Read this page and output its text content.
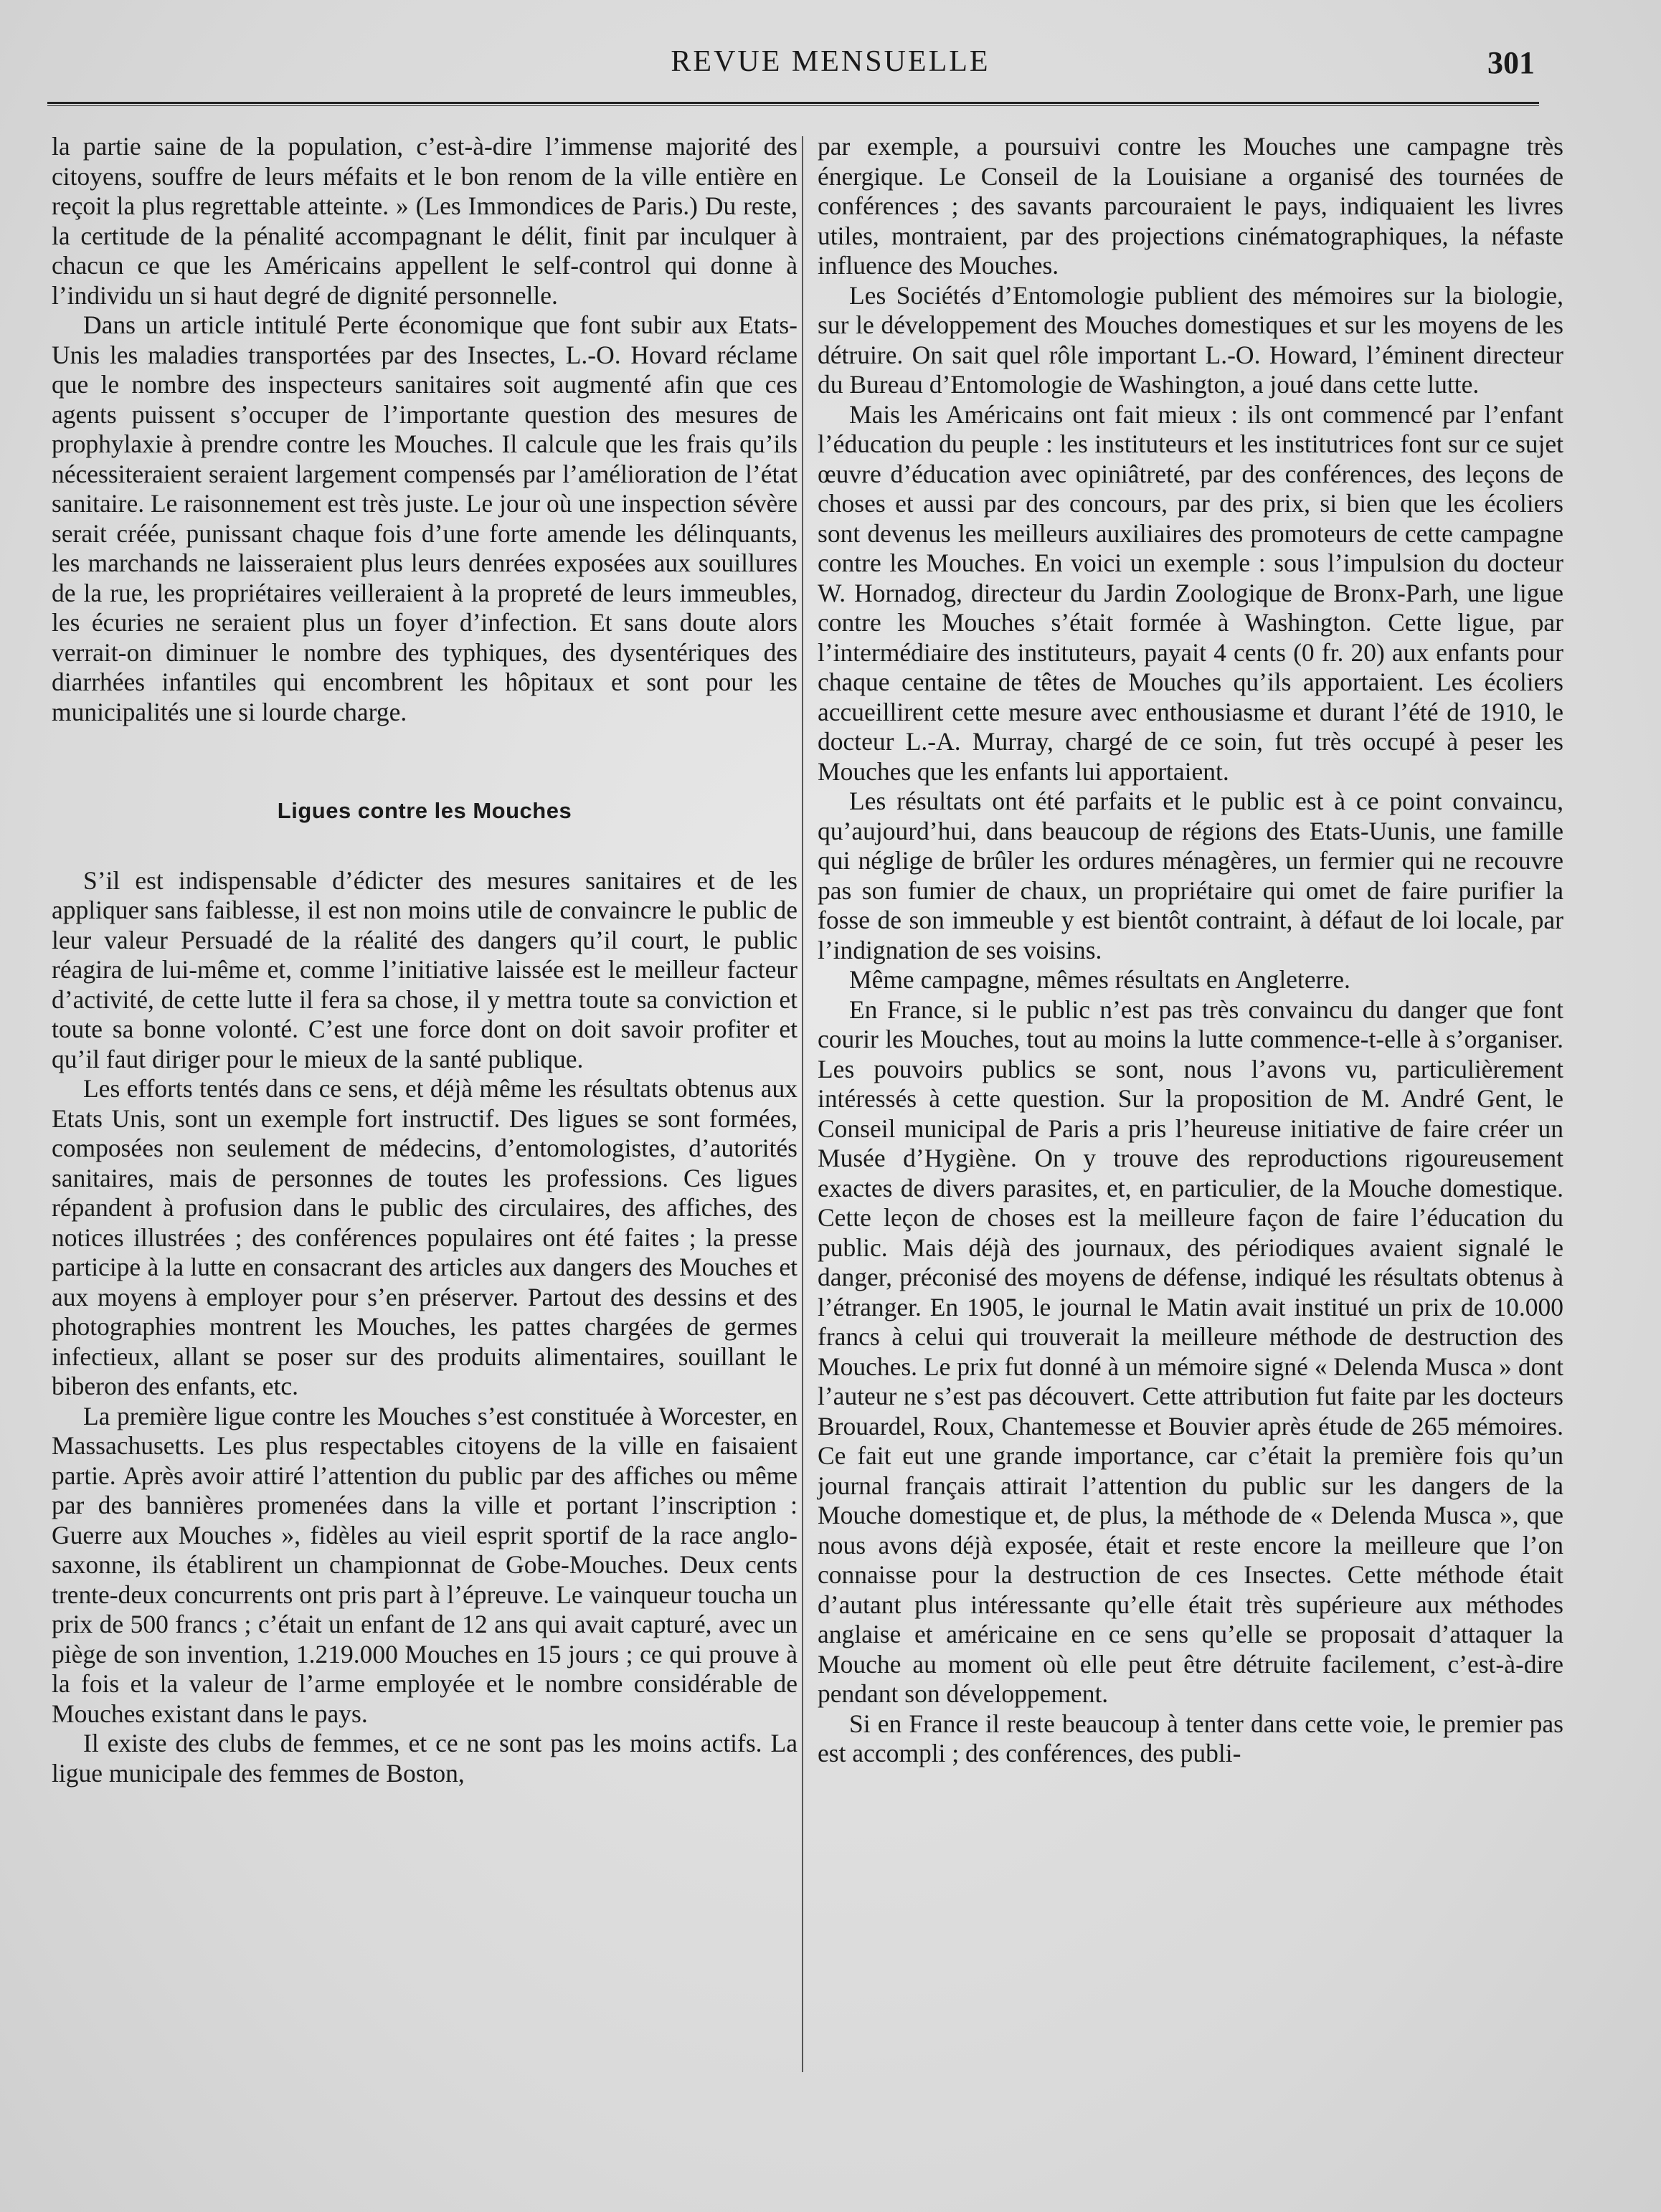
REVUE MENSUELLE	301

la partie saine de la population, c’est-à-dire l’immense majorité des citoyens, souffre de leurs méfaits et le bon renom de la ville entière en reçoit la plus regrettable atteinte. » (Les Immondices de Paris.) Du reste, la certitude de la pénalité accompagnant le délit, finit par inculquer à chacun ce que les Américains appellent le self-control qui donne à l’individu un si haut degré de dignité personnelle.

Dans un article intitulé Perte économique que font subir aux Etats-Unis les maladies transportées par des Insectes, L.-O. Hovard réclame que le nombre des inspecteurs sanitaires soit augmenté afin que ces agents puissent s’occuper de l’importante question des mesures de prophylaxie à prendre contre les Mouches. Il calcule que les frais qu’ils nécessiteraient seraient largement compensés par l’amélioration de l’état sanitaire. Le raisonnement est très juste. Le jour où une inspection sévère serait créée, punissant chaque fois d’une forte amende les délinquants, les marchands ne laisseraient plus leurs denrées exposées aux souillures de la rue, les propriétaires veilleraient à la propreté de leurs immeubles, les écuries ne seraient plus un foyer d’infection. Et sans doute alors verrait-on diminuer le nombre des typhiques, des dysentériques des diarrhées infantiles qui encombrent les hôpitaux et sont pour les municipalités une si lourde charge.

Ligues contre les Mouches

S’il est indispensable d’édicter des mesures sanitaires et de les appliquer sans faiblesse, il est non moins utile de convaincre le public de leur valeur Persuadé de la réalité des dangers qu’il court, le public réagira de lui-même et, comme l’initiative laissée est le meilleur facteur d’activité, de cette lutte il fera sa chose, il y mettra toute sa conviction et toute sa bonne volonté. C’est une force dont on doit savoir profiter et qu’il faut diriger pour le mieux de la santé publique.

Les efforts tentés dans ce sens, et déjà même les résultats obtenus aux Etats Unis, sont un exemple fort instructif. Des ligues se sont formées, composées non seulement de médecins, d’entomologistes, d’autorités sanitaires, mais de personnes de toutes les professions. Ces ligues répandent à profusion dans le public des circulaires, des affiches, des notices illustrées ; des conférences populaires ont été faites ; la presse participe à la lutte en consacrant des articles aux dangers des Mouches et aux moyens à employer pour s’en préserver. Partout des dessins et des photographies montrent les Mouches, les pattes chargées de germes infectieux, allant se poser sur des produits alimentaires, souillant le biberon des enfants, etc.

La première ligue contre les Mouches s’est constituée à Worcester, en Massachusetts. Les plus respectables citoyens de la ville en faisaient partie. Après avoir attiré l’attention du public par des affiches ou même par des bannières promenées dans la ville et portant l’inscription : Guerre aux Mouches », fidèles au vieil esprit sportif de la race anglo-saxonne, ils établirent un championnat de Gobe-Mouches. Deux cents trente-deux concurrents ont pris part à l’épreuve. Le vainqueur toucha un prix de 500 francs ; c’était un enfant de 12 ans qui avait capturé, avec un piège de son invention, 1.219.000 Mouches en 15 jours ; ce qui prouve à la fois et la valeur de l’arme employée et le nombre considérable de Mouches existant dans le pays.

Il existe des clubs de femmes, et ce ne sont pas les moins actifs. La ligue municipale des femmes de Boston,

par exemple, a poursuivi contre les Mouches une campagne très énergique. Le Conseil de la Louisiane a organisé des tournées de conférences ; des savants parcouraient le pays, indiquaient les livres utiles, montraient, par des projections cinématographiques, la néfaste influence des Mouches.

Les Sociétés d’Entomologie publient des mémoires sur la biologie, sur le développement des Mouches domestiques et sur les moyens de les détruire. On sait quel rôle important L.-O. Howard, l’éminent directeur du Bureau d’Entomologie de Washington, a joué dans cette lutte.

Mais les Américains ont fait mieux : ils ont commencé par l’enfant l’éducation du peuple : les instituteurs et les institutrices font sur ce sujet œuvre d’éducation avec opiniâtreté, par des conférences, des leçons de choses et aussi par des concours, par des prix, si bien que les écoliers sont devenus les meilleurs auxiliaires des promoteurs de cette campagne contre les Mouches. En voici un exemple : sous l’impulsion du docteur W. Hornadog, directeur du Jardin Zoologique de Bronx-Parh, une ligue contre les Mouches s’était formée à Washington. Cette ligue, par l’intermédiaire des instituteurs, payait 4 cents (0 fr. 20) aux enfants pour chaque centaine de têtes de Mouches qu’ils apportaient. Les écoliers accueillirent cette mesure avec enthousiasme et durant l’été de 1910, le docteur L.-A. Murray, chargé de ce soin, fut très occupé à peser les Mouches que les enfants lui apportaient.

Les résultats ont été parfaits et le public est à ce point convaincu, qu’aujourd’hui, dans beaucoup de régions des Etats-Uunis, une famille qui néglige de brûler les ordures ménagères, un fermier qui ne recouvre pas son fumier de chaux, un propriétaire qui omet de faire purifier la fosse de son immeuble y est bientôt contraint, à défaut de loi locale, par l’indignation de ses voisins.

Même campagne, mêmes résultats en Angleterre.

En France, si le public n’est pas très convaincu du danger que font courir les Mouches, tout au moins la lutte commence-t-elle à s’organiser. Les pouvoirs publics se sont, nous l’avons vu, particulièrement intéressés à cette question. Sur la proposition de M. André Gent, le Conseil municipal de Paris a pris l’heureuse initiative de faire créer un Musée d’Hygiène. On y trouve des reproductions rigoureusement exactes de divers parasites, et, en particulier, de la Mouche domestique. Cette leçon de choses est la meilleure façon de faire l’éducation du public. Mais déjà des journaux, des périodiques avaient signalé le danger, préconisé des moyens de défense, indiqué les résultats obtenus à l’étranger. En 1905, le journal le Matin avait institué un prix de 10.000 francs à celui qui trouverait la meilleure méthode de destruction des Mouches. Le prix fut donné à un mémoire signé « Delenda Musca » dont l’auteur ne s’est pas découvert. Cette attribution fut faite par les docteurs Brouardel, Roux, Chantemesse et Bouvier après étude de 265 mémoires. Ce fait eut une grande importance, car c’était la première fois qu’un journal français attirait l’attention du public sur les dangers de la Mouche domestique et, de plus, la méthode de « Delenda Musca », que nous avons déjà exposée, était et reste encore la meilleure que l’on connaisse pour la destruction de ces Insectes. Cette méthode était d’autant plus intéressante qu’elle était très supérieure aux méthodes anglaise et américaine en ce sens qu’elle se proposait d’attaquer la Mouche au moment où elle peut être détruite facilement, c’est-à-dire pendant son développement.

Si en France il reste beaucoup à tenter dans cette voie, le premier pas est accompli ; des conférences, des publi-
